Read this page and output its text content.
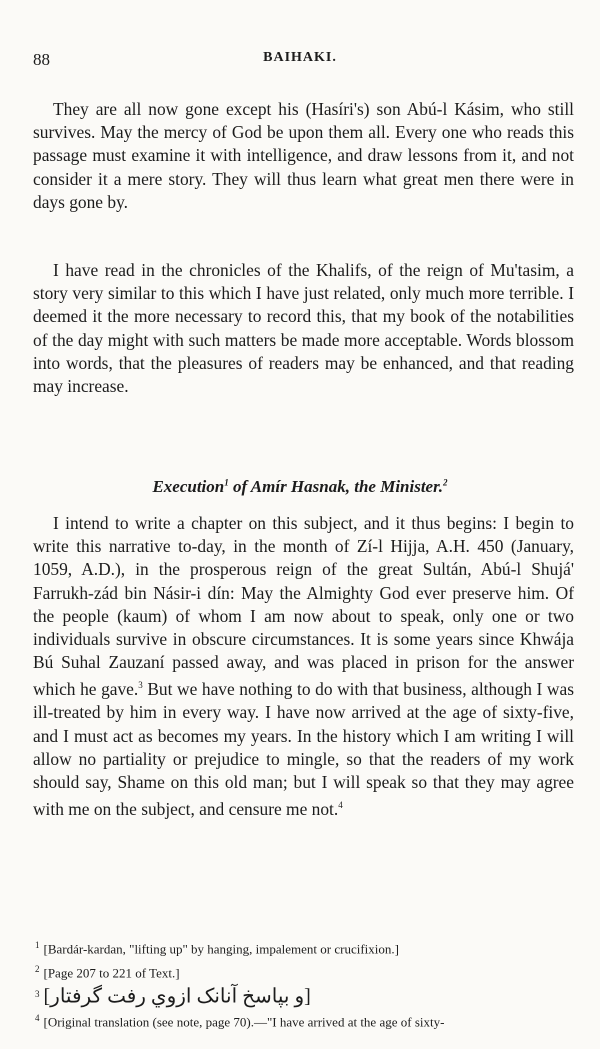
88	BAIHAKI.

They are all now gone except his (Hasíri's) son Abú-l Kásim, who still survives. May the mercy of God be upon them all. Every one who reads this passage must examine it with intelligence, and draw lessons from it, and not consider it a mere story. They will thus learn what great men there were in days gone by.

I have read in the chronicles of the Khalifs, of the reign of Mu'tasim, a story very similar to this which I have just related, only much more terrible. I deemed it the more necessary to record this, that my book of the notabilities of the day might with such matters be made more acceptable. Words blossom into words, that the pleasures of readers may be enhanced, and that reading may increase.

Execution$^1$ of Amír Hasnak, the Minister.$^2$

I intend to write a chapter on this subject, and it thus begins: I begin to write this narrative to-day, in the month of Zí-l Hijja, A.H. 450 (January, 1059, A.D.), in the prosperous reign of the great Sultán, Abú-l Shujá' Farrukh-zád bin Násir-i dín: May the Almighty God ever preserve him. Of the people (kaum) of whom I am now about to speak, only one or two individuals survive in obscure circumstances. It is some years since Khwája Bú Suhal Zauzaní passed away, and was placed in prison for the answer which he gave.$^3$ But we have nothing to do with that business, although I was ill-treated by him in every way. I have now arrived at the age of sixty-five, and I must act as becomes my years. In the history which I am writing I will allow no partiality or prejudice to mingle, so that the readers of my work should say, Shame on this old man; but I will speak so that they may agree with me on the subject, and censure me not.$^4$

$^1$ [Bardár-kardan, "lifting up" by hanging, impalement or crucifixion.]

$^2$ [Page 207 to 221 of Text.]

$^3$ [و بپاسخ آنانک ازوي رفت گرفتار]

$^4$ [Original translation (see note, page 70).—"I have arrived at the age of sixty-
